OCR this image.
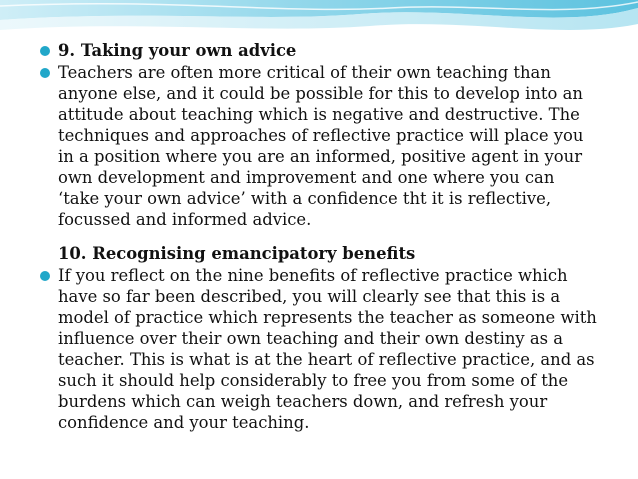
9. Taking your own advice
Teachers are often more critical of their own teaching than anyone else, and it could be possible for this to develop into an attitude about teaching which is negative and destructive. The techniques and approaches of reflective practice will place you in a position where you are an informed, positive agent in your own development and improvement and one where you can ‘take your own advice’ with a confidence tht it is reflective, focussed and informed advice.
10. Recognising emancipatory benefits
If you reflect on the nine benefits of reflective practice which have so far been described, you will clearly see that this is a model of practice which represents the teacher as someone with influence over their own teaching and their own destiny as a teacher. This is what is at the heart of reflective practice, and as such it should help considerably to free you from some of the burdens which can weigh teachers down, and refresh your confidence and your teaching.
